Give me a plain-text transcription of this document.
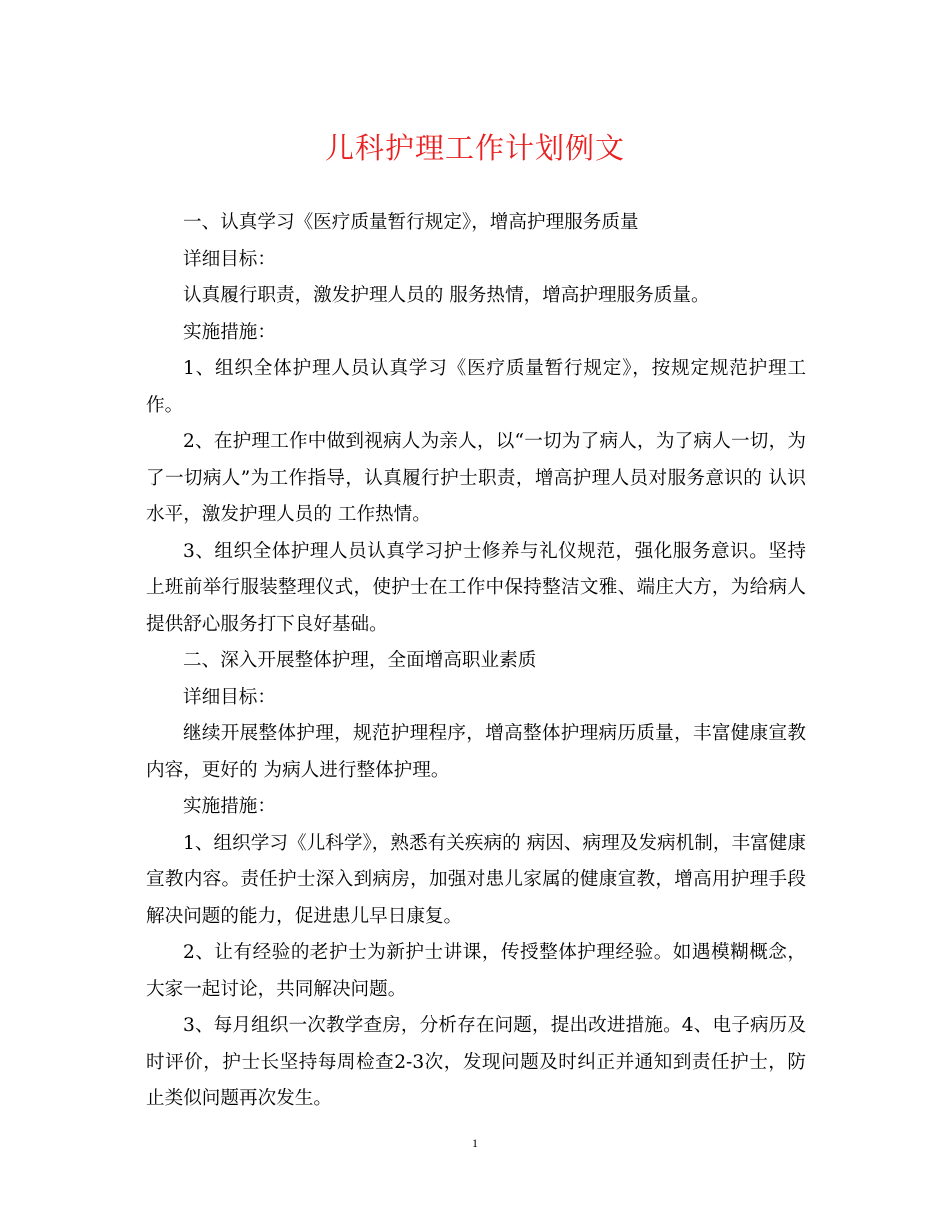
儿科护理工作计划例文

一、认真学习《医疗质量暂行规定》，增高护理服务质量

详细目标：

认真履行职责，激发护理人员的 服务热情，增高护理服务质量。

实施措施：

1、组织全体护理人员认真学习《医疗质量暂行规定》，按规定规范护理工作。

2、在护理工作中做到视病人为亲人，以“一切为了病人，为了病人一切，为了一切病人”为工作指导，认真履行护士职责，增高护理人员对服务意识的 认识水平，激发护理人员的 工作热情。

3、组织全体护理人员认真学习护士修养与礼仪规范，强化服务意识。坚持上班前举行服装整理仪式，使护士在工作中保持整洁文雅、端庄大方，为给病人提供舒心服务打下良好基础。

二、深入开展整体护理，全面增高职业素质

详细目标：

继续开展整体护理，规范护理程序，增高整体护理病历质量，丰富健康宣教内容，更好的 为病人进行整体护理。

实施措施：

1、组织学习《儿科学》，熟悉有关疾病的 病因、病理及发病机制，丰富健康宣教内容。责任护士深入到病房，加强对患儿家属的健康宣教，增高用护理手段解决问题的能力，促进患儿早日康复。

2、让有经验的老护士为新护士讲课，传授整体护理经验。如遇模糊概念，大家一起讨论，共同解决问题。

3、每月组织一次教学查房，分析存在问题，提出改进措施。4、电子病历及时评价，护士长坚持每周检查2-3次，发现问题及时纠正并通知到责任护士，防止类似问题再次发生。

1
